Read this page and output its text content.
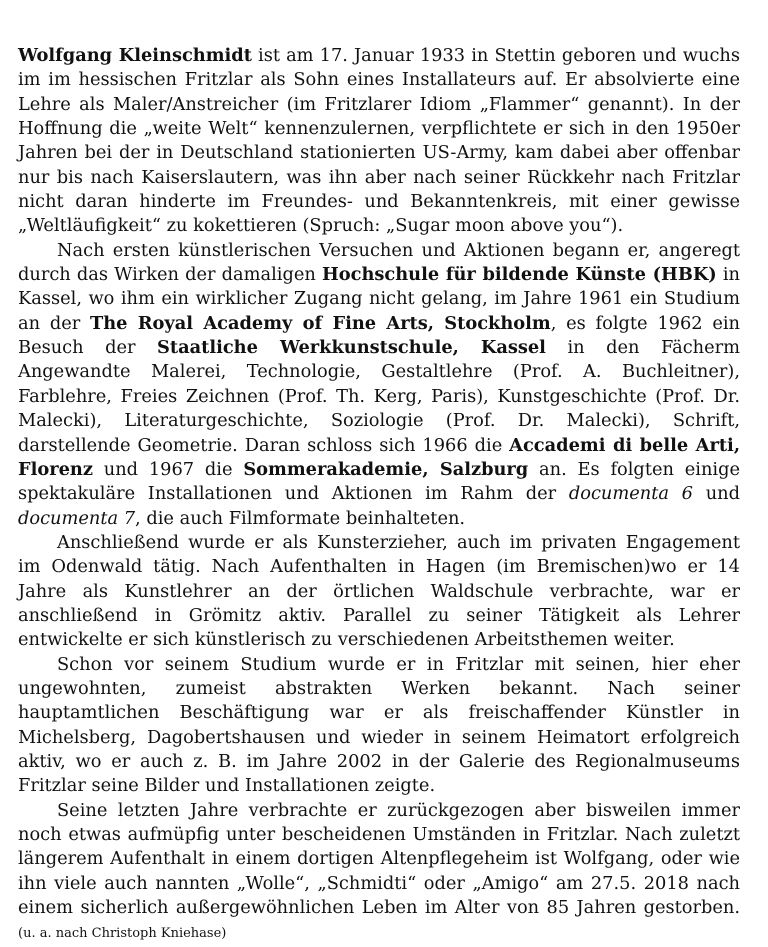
Wolfgang Kleinschmidt ist am 17. Januar 1933 in Stettin geboren und wuchs im im hessischen Fritzlar als Sohn eines Installateurs auf. Er absolvierte eine Lehre als Maler/Anstreicher (im Fritzlarer Idiom „Flammer“ genannt). In der Hoffnung die „weite Welt“ kennenzulernen, verpflichtete er sich in den 1950er Jahren bei der in Deutschland stationierten US-Army, kam dabei aber offenbar nur bis nach Kaiserslautern, was ihn aber nach seiner Rückkehr nach Fritzlar nicht daran hinderte im Freundes- und Bekanntenkreis, mit einer gewisse „Weltläufigkeit“ zu kokettieren (Spruch: „Sugar moon above you“).

Nach ersten künstlerischen Versuchen und Aktionen begann er, angeregt durch das Wirken der damaligen Hochschule für bildende Künste (HBK) in Kassel, wo ihm ein wirklicher Zugang nicht gelang, im Jahre 1961 ein Studium an der The Royal Academy of Fine Arts, Stockholm, es folgte 1962 ein Besuch der Staatliche Werkkunstschule, Kassel in den Fächerm Angewandte Malerei, Technologie, Gestaltlehre (Prof. A. Buchleitner), Farblehre, Freies Zeichnen (Prof. Th. Kerg, Paris), Kunstgeschichte (Prof. Dr. Malecki), Literaturgeschichte, Soziologie (Prof. Dr. Malecki), Schrift, darstellende Geometrie. Daran schloss sich 1966 die Accademi di belle Arti, Florenz und 1967 die Sommerakademie, Salzburg an. Es folgten einige spektakuläre Installationen und Aktionen im Rahm der documenta 6 und documenta 7, die auch Filmformate beinhalteten.

Anschließend wurde er als Kunsterzieher, auch im privaten Engagement im Odenwald tätig. Nach Aufenthalten in Hagen (im Bremischen)wo er 14 Jahre als Kunstlehrer an der örtlichen Waldschule verbrachte, war er anschließend in Grömitz aktiv. Parallel zu seiner Tätigkeit als Lehrer entwickelte er sich künstlerisch zu verschiedenen Arbeitsthemen weiter.

Schon vor seinem Studium wurde er in Fritzlar mit seinen, hier eher ungewohnten, zumeist abstrakten Werken bekannt. Nach seiner hauptamtlichen Beschäftigung war er als freischaffender Künstler in Michelsberg, Dagobertshausen und wieder in seinem Heimatort erfolgreich aktiv, wo er auch z. B. im Jahre 2002 in der Galerie des Regionalmuseums Fritzlar seine Bilder und Installationen zeigte.

Seine letzten Jahre verbrachte er zurückgezogen aber bisweilen immer noch etwas aufmüpfig unter bescheidenen Umständen in Fritzlar. Nach zuletzt längerem Aufenthalt in einem dortigen Altenpflegeheim ist Wolfgang, oder wie ihn viele auch nannten „Wolle“, „Schmidti“ oder „Amigo“ am 27.5. 2018 nach einem sicherlich außergewöhnlichen Leben im Alter von 85 Jahren gestorben. (u. a. nach Christoph Kniehase)
